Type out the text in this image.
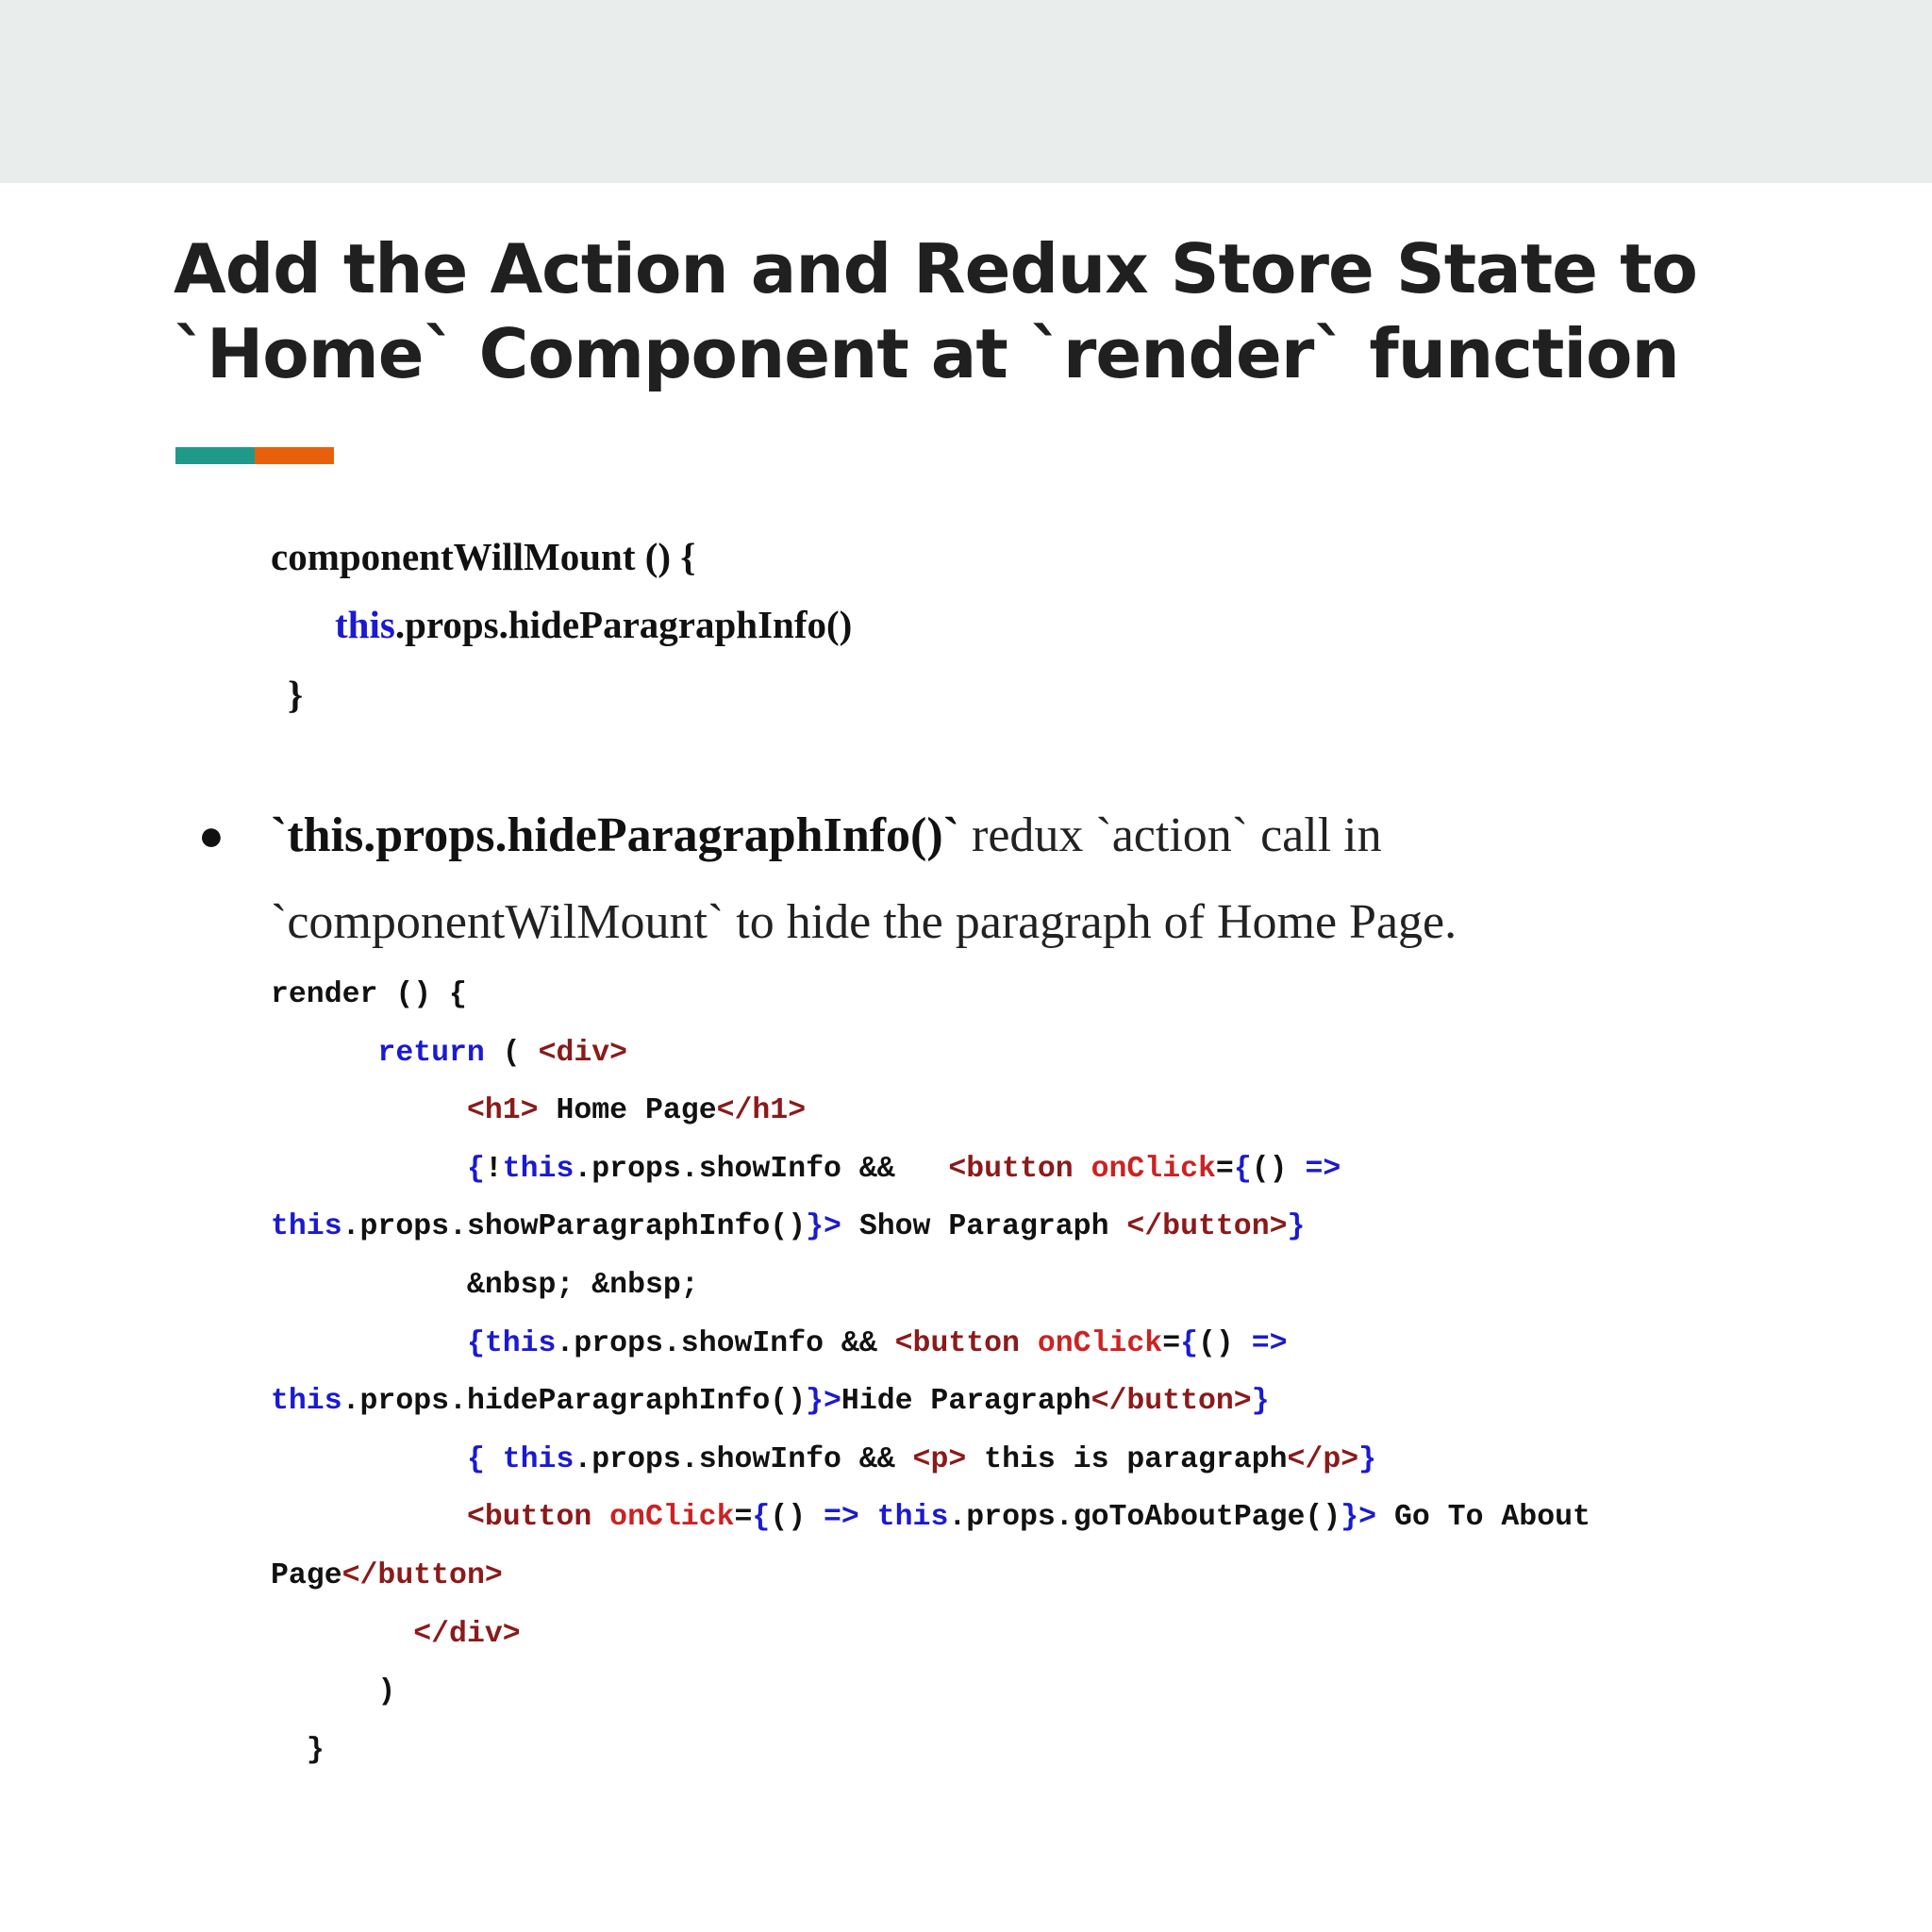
Add the Action and Redux Store State to
`Home` Component at `render` function
componentWillMount () {
this.props.hideParagraphInfo()
}
● `this.props.hideParagraphInfo()` redux `action` call in
`componentWilMount` to hide the paragraph of Home Page.
render () {
return ( <div>
<h1> Home Page</h1>
{!this.props.showInfo &&   <button onClick={() =>
this.props.showParagraphInfo()}> Show Paragraph </button>}
&nbsp; &nbsp;
{this.props.showInfo && <button onClick={() =>
this.props.hideParagraphInfo()}>Hide Paragraph</button>}
{ this.props.showInfo && <p> this is paragraph</p>}
<button onClick={() => this.props.goToAboutPage()}> Go To About
Page</button>
</div>
)
}
